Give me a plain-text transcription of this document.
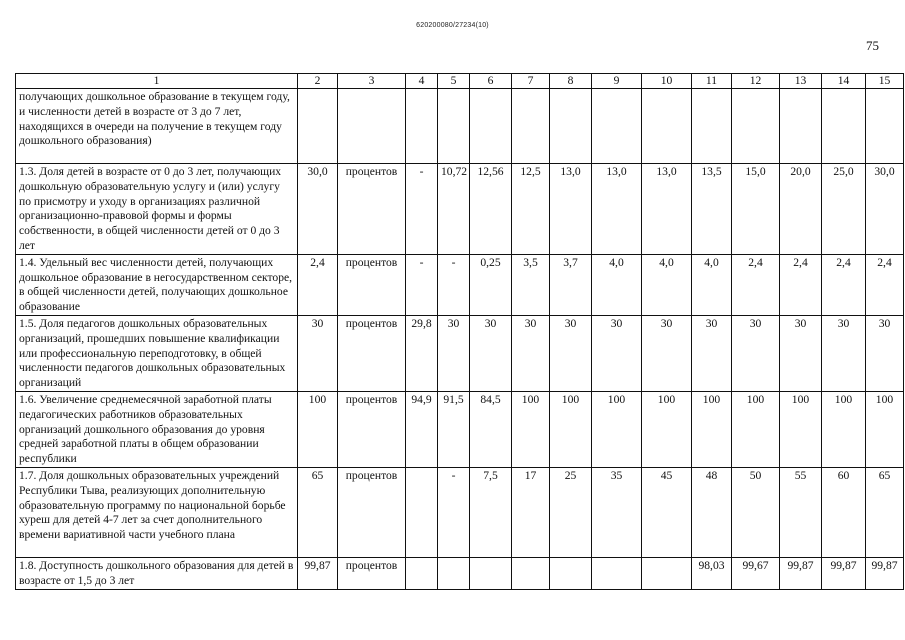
620200080/27234(10)
75
1	2	3	4	5	6	7	8	9	10	11	12	13	14	15
получающих дошкольное образование в текущем году, и численности детей в возрасте от 3 до 7 лет, находящихся в очереди на получение в текущем году дошкольного образования)														
1.3. Доля детей в возрасте от 0 до 3 лет, получающих дошкольную образовательную услугу и (или) услугу по присмотру и уходу в организациях различной организационно-правовой формы и формы собственности, в общей численности детей от 0 до 3 лет	30,0	процентов	-	10,72	12,56	12,5	13,0	13,0	13,0	13,5	15,0	20,0	25,0	30,0
1.4. Удельный вес численности детей, получающих дошкольное образование в негосударственном секторе, в общей численности детей, получающих дошкольное образование	2,4	процентов	-	-	0,25	3,5	3,7	4,0	4,0	4,0	2,4	2,4	2,4	2,4
1.5. Доля педагогов дошкольных образовательных организаций, прошедших повышение квалификации или профессиональную переподготовку, в общей численности педагогов дошкольных образовательных организаций	30	процентов	29,8	30	30	30	30	30	30	30	30	30	30	30
1.6. Увеличение среднемесячной заработной платы педагогических работников образовательных организаций дошкольного образования до уровня средней заработной платы в общем образовании республики	100	процентов	94,9	91,5	84,5	100	100	100	100	100	100	100	100	100
1.7. Доля дошкольных образовательных учреждений Республики Тыва, реализующих дополнительную образовательную программу по национальной борьбе хуреш для детей 4-7 лет за счет дополнительного времени вариативной части учебного плана	65	процентов		-	7,5	17	25	35	45	48	50	55	60	65
1.8. Доступность дошкольного образования для детей в возрасте от 1,5 до 3 лет	99,87	процентов								98,03	99,67	99,87	99,87	99,87
